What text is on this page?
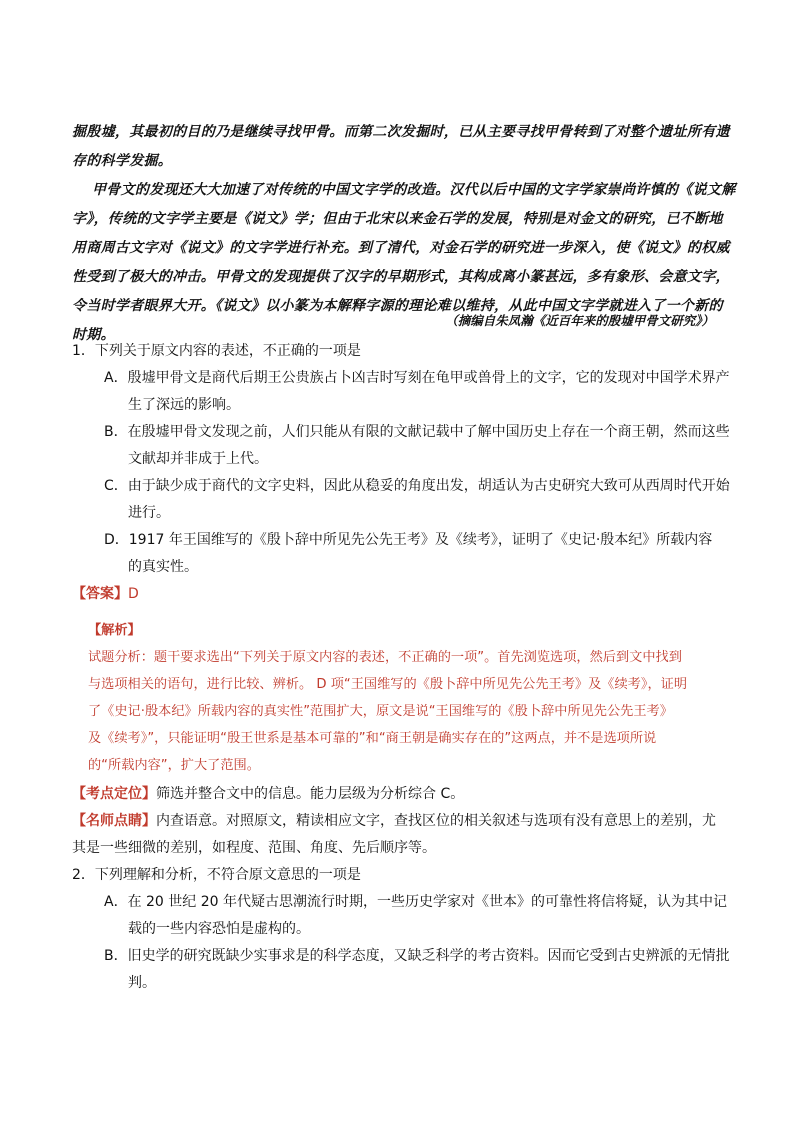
掘殷墟，其最初的目的乃是继续寻找甲骨。而第二次发掘时，已从主要寻找甲骨转到了对整个遗址所有遗
存的科学发掘。
甲骨文的发现还大大加速了对传统的中国文字学的改造。汉代以后中国的文字学家崇尚许慎的《说文解
字》，传统的文字学主要是《说文》学；但由于北宋以来金石学的发展，特别是对金文的研究，已不断地
用商周古文字对《说文》的文字学进行补充。到了清代，对金石学的研究进一步深入，使《说文》的权威
性受到了极大的冲击。甲骨文的发现提供了汉字的早期形式，其构成离小篆甚远，多有象形、会意文字，
令当时学者眼界大开。《说文》以小篆为本解释字源的理论难以维持，从此中国文字学就进入了一个新的
时期。
（摘编自朱凤瀚《近百年来的殷墟甲骨文研究》）
1．下列关于原文内容的表述，不正确的一项是
A．殷墟甲骨文是商代后期王公贵族占卜凶吉时写刻在龟甲或兽骨上的文字，它的发现对中国学术界产
生了深远的影响。
B．在殷墟甲骨文发现之前，人们只能从有限的文献记载中了解中国历史上存在一个商王朝，然而这些
文献却并非成于上代。
C．由于缺少成于商代的文字史料，因此从稳妥的角度出发，胡适认为古史研究大致可从西周时代开始
进行。
D．1917 年王国维写的《殷卜辞中所见先公先王考》及《续考》，证明了《史记·殷本纪》所载内容
的真实性。
【答案】D
【解析】
试题分析：题干要求选出“下列关于原文内容的表述，不正确的一项”。首先浏览选项，然后到文中找到
与选项相关的语句，进行比较、辨析。 D 项“王国维写的《殷卜辞中所见先公先王考》及《续考》，证明
了《史记·殷本纪》所载内容的真实性”范围扩大，原文是说“王国维写的《殷卜辞中所见先公先王考》
及《续考》”，只能证明“殷王世系是基本可靠的”和“商王朝是确实存在的”这两点，并不是选项所说
的“所载内容”，扩大了范围。
【考点定位】筛选并整合文中的信息。能力层级为分析综合 C。
【名师点睛】内查语意。对照原文，精读相应文字，查找区位的相关叙述与选项有没有意思上的差别，尤
其是一些细微的差别，如程度、范围、角度、先后顺序等。
2．下列理解和分析，不符合原文意思的一项是
A．在 20 世纪 20 年代疑古思潮流行时期，一些历史学家对《世本》的可靠性将信将疑，认为其中记
载的一些内容恐怕是虚构的。
B．旧史学的研究既缺少实事求是的科学态度，又缺乏科学的考古资料。因而它受到古史辨派的无情批
判。
